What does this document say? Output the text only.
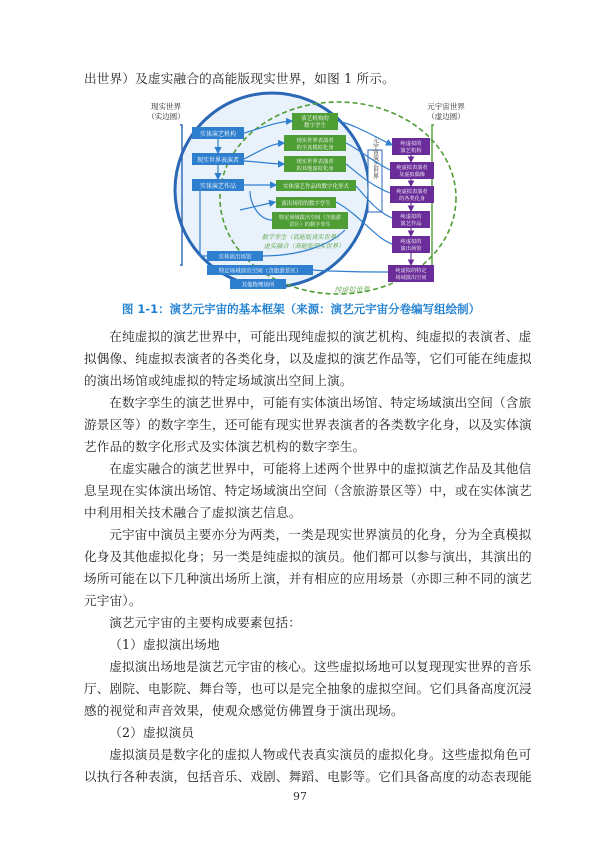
出世界）及虚实融合的高能版现实世界，如图 1 所示。
现实世界
（实边圆）
元宇宙世界
（虚边圆）
实体演艺机构
现实世界表演者
实体演艺作品
演艺机构的
数字孪生
现实世界表演者
的全真模拟化身
现实世界表演者
的其他虚拟化身
实体演艺作品的数字化形式
演出场馆的数字孪生
特定场域演出空间（含旅游
景区）的数字孪生
元宇宙演艺世界	纯虚拟的
演艺机构
纯虚拟表演者
及虚拟偶像
纯虚拟表演者
的各类化身
纯虚拟的
演艺作品
纯虚拟的
演出场馆
纯虚拟的特定
场域演出空间
数字孪生（低能版真实世界）
虚实融合（高能版现实世界）
实体演出场馆
特定场域演出空间（含旅游景区）
其他物理场所
纯虚拟世界
图 1-1：演艺元宇宙的基本框架（来源：演艺元宇宙分卷编写组绘制）
在纯虚拟的演艺世界中，可能出现纯虚拟的演艺机构、纯虚拟的表演者、虚
拟偶像、纯虚拟表演者的各类化身，以及虚拟的演艺作品等，它们可能在纯虚拟
的演出场馆或纯虚拟的特定场域演出空间上演。
在数字孪生的演艺世界中，可能有实体演出场馆、特定场域演出空间（含旅
游景区等）的数字孪生，还可能有现实世界表演者的各类数字化身，以及实体演
艺作品的数字化形式及实体演艺机构的数字孪生。
在虚实融合的演艺世界中，可能将上述两个世界中的虚拟演艺作品及其他信
息呈现在实体演出场馆、特定场域演出空间（含旅游景区等）中，或在实体演艺
中利用相关技术融合了虚拟演艺信息。
元宇宙中演员主要亦分为两类，一类是现实世界演员的化身，分为全真模拟
化身及其他虚拟化身；另一类是纯虚拟的演员。他们都可以参与演出，其演出的
场所可能在以下几种演出场所上演，并有相应的应用场景（亦即三种不同的演艺
元宇宙）。
演艺元宇宙的主要构成要素包括：
（1）虚拟演出场地
虚拟演出场地是演艺元宇宙的核心。这些虚拟场地可以复现现实世界的音乐
厅、剧院、电影院、舞台等，也可以是完全抽象的虚拟空间。它们具备高度沉浸
感的视觉和声音效果，使观众感觉仿佛置身于演出现场。
（2）虚拟演员
虚拟演员是数字化的虚拟人物或代表真实演员的虚拟化身。这些虚拟角色可
以执行各种表演，包括音乐、戏剧、舞蹈、电影等。它们具备高度的动态表现能
97
